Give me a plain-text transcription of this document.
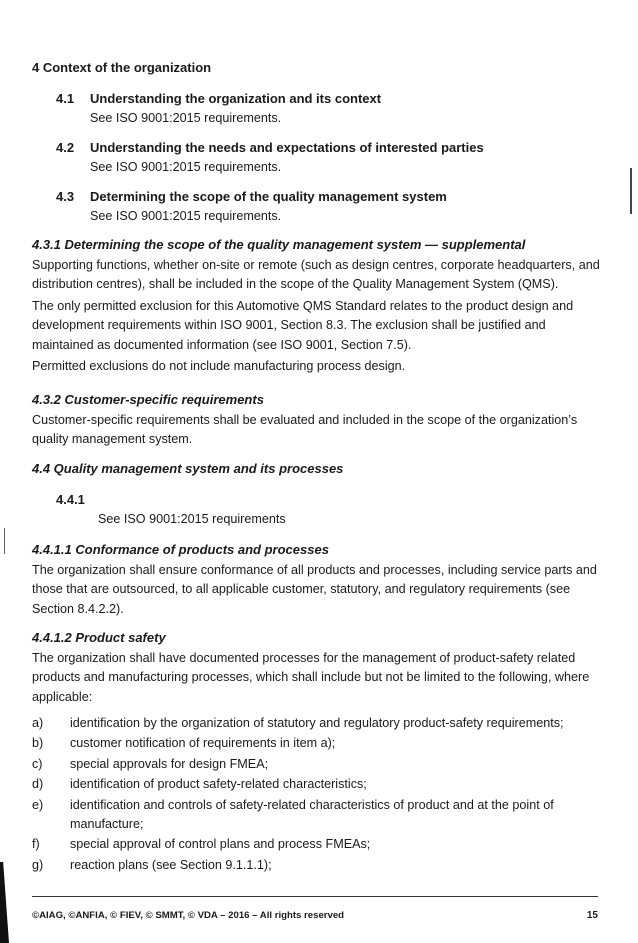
4 Context of the organization
4.1 Understanding the organization and its context
See ISO 9001:2015 requirements.
4.2 Understanding the needs and expectations of interested parties
See ISO 9001:2015 requirements.
4.3 Determining the scope of the quality management system
See ISO 9001:2015 requirements.
4.3.1 Determining the scope of the quality management system — supplemental

Supporting functions, whether on-site or remote (such as design centres, corporate headquarters, and distribution centres), shall be included in the scope of the Quality Management System (QMS).

The only permitted exclusion for this Automotive QMS Standard relates to the product design and development requirements within ISO 9001, Section 8.3. The exclusion shall be justified and maintained as documented information (see ISO 9001, Section 7.5).

Permitted exclusions do not include manufacturing process design.

4.3.2 Customer-specific requirements

Customer-specific requirements shall be evaluated and included in the scope of the organization’s quality management system.

4.4 Quality management system and its processes
4.4.1
See ISO 9001:2015 requirements
4.4.1.1 Conformance of products and processes

The organization shall ensure conformance of all products and processes, including service parts and those that are outsourced, to all applicable customer, statutory, and regulatory requirements (see Section 8.4.2.2).

4.4.1.2 Product safety

The organization shall have documented processes for the management of product-safety related products and manufacturing processes, which shall include but not be limited to the following, where applicable:

a) identification by the organization of statutory and regulatory product-safety requirements;
b) customer notification of requirements in item a);
c) special approvals for design FMEA;
d) identification of product safety-related characteristics;
e) identification and controls of safety-related characteristics of product and at the point of manufacture;
f) special approval of control plans and process FMEAs;
g) reaction plans (see Section 9.1.1.1);
©AIAG, ©ANFIA, © FIEV, © SMMT, © VDA – 2016 – All rights reserved	15
